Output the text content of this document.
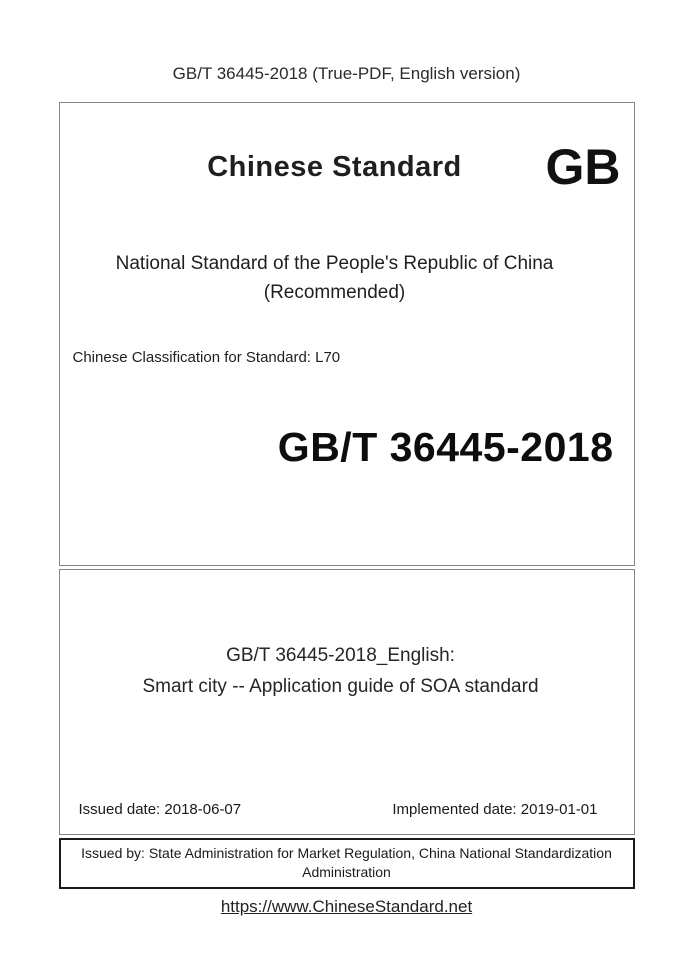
GB/T 36445-2018 (True-PDF, English version)
Chinese Standard	GB
National Standard of the People's Republic of China
(Recommended)
Chinese Classification for Standard: L70
GB/T 36445-2018
GB/T 36445-2018_English:
Smart city -- Application guide of SOA standard
Issued date: 2018-06-07	Implemented date: 2019-01-01
Issued by: State Administration for Market Regulation, China National Standardization Administration
https://www.ChineseStandard.net
